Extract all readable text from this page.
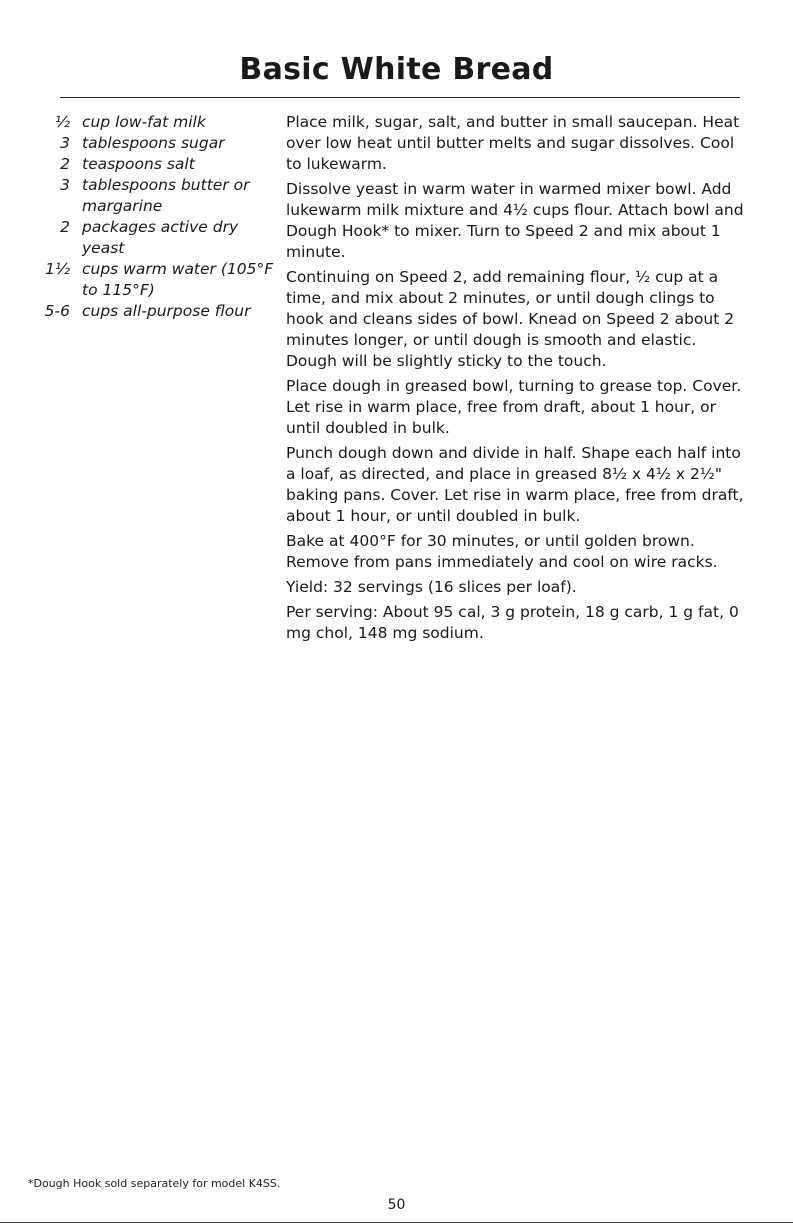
Basic White Bread
½ cup low-fat milk
3 tablespoons sugar
2 teaspoons salt
3 tablespoons butter or margarine
2 packages active dry yeast
1½ cups warm water (105°F to 115°F)
5-6 cups all-purpose flour

Place milk, sugar, salt, and butter in small saucepan. Heat over low heat until butter melts and sugar dissolves. Cool to lukewarm.

Dissolve yeast in warm water in warmed mixer bowl. Add lukewarm milk mixture and 4½ cups flour. Attach bowl and Dough Hook* to mixer. Turn to Speed 2 and mix about 1 minute.

Continuing on Speed 2, add remaining flour, ½ cup at a time, and mix about 2 minutes, or until dough clings to hook and cleans sides of bowl. Knead on Speed 2 about 2 minutes longer, or until dough is smooth and elastic. Dough will be slightly sticky to the touch.

Place dough in greased bowl, turning to grease top. Cover. Let rise in warm place, free from draft, about 1 hour, or until doubled in bulk.

Punch dough down and divide in half. Shape each half into a loaf, as directed, and place in greased 8½ x 4½ x 2½" baking pans. Cover. Let rise in warm place, free from draft, about 1 hour, or until doubled in bulk.

Bake at 400°F for 30 minutes, or until golden brown. Remove from pans immediately and cool on wire racks.

Yield: 32 servings (16 slices per loaf).

Per serving: About 95 cal, 3 g protein, 18 g carb, 1 g fat, 0 mg chol, 148 mg sodium.

*Dough Hook sold separately for model K4SS.
50
